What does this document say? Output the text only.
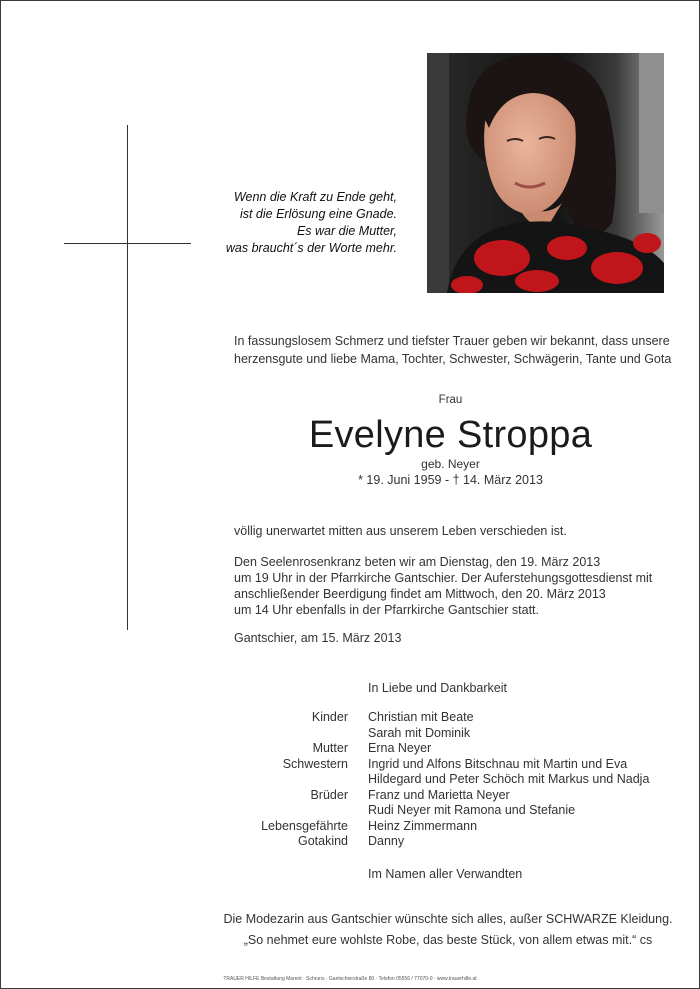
Wenn die Kraft zu Ende geht,
ist die Erlösung eine Gnade.
Es war die Mutter,
was braucht´s der Worte mehr.
In fassungslosem Schmerz und tiefster Trauer geben wir bekannt, dass unsere
herzensgute und liebe Mama, Tochter, Schwester, Schwägerin, Tante und Gota
Frau
Evelyne Stroppa
geb. Neyer
* 19. Juni 1959 - † 14. März 2013
völlig unerwartet mitten aus unserem Leben verschieden ist.
Den Seelenrosenkranz beten wir am Dienstag, den 19. März 2013
um 19 Uhr in der Pfarrkirche Gantschier. Der Auferstehungsgottesdienst mit
anschließender Beerdigung findet am Mittwoch, den 20. März 2013
um 14 Uhr ebenfalls in der Pfarrkirche Gantschier statt.
Gantschier, am 15. März 2013
In Liebe und Dankbarkeit
Kinder Christian mit Beate
Sarah mit Dominik
Mutter Erna Neyer
Schwestern Ingrid und Alfons Bitschnau mit Martin und Eva
Hildegard und Peter Schöch mit Markus und Nadja
Brüder Franz und Marietta Neyer
Rudi Neyer mit Ramona und Stefanie
Lebensgefährte Heinz Zimmermann
Gotakind Danny
Im Namen aller Verwandten
Die Modezarin aus Gantschier wünschte sich alles, außer SCHWARZE Kleidung.
„So nehmet eure wohlste Robe, das beste Stück, von allem etwas mit.“ cs
TRAUER HILFE Bestattung Marent · Schruns · Gantschierstraße 80 · Telefon 05556 / 77070-0 · www.trauerhilfe.at
